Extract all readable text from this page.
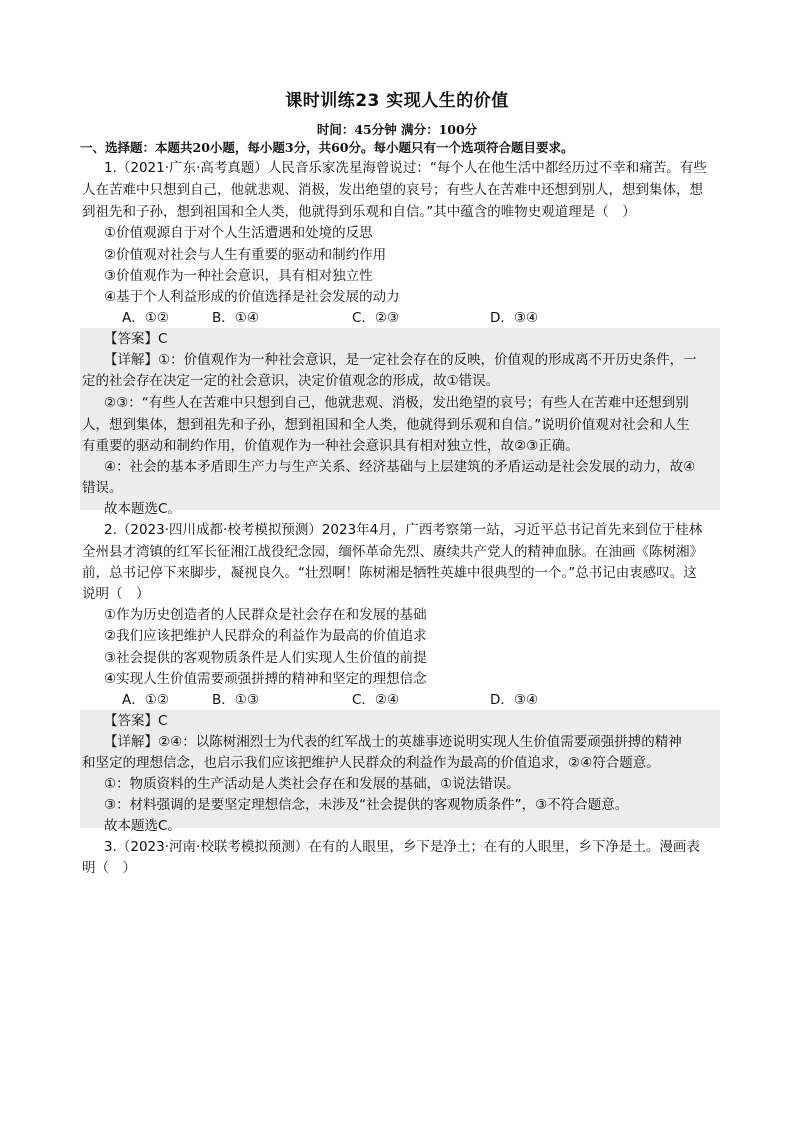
课时训练23 实现人生的价值
时间：45分钟 满分：100分
一、选择题：本题共20小题，每小题3分，共60分。每小题只有一个选项符合题目要求。
1.（2021·广东·高考真题）人民音乐家冼星海曾说过：“每个人在他生活中都经历过不幸和痛苦。有些
人在苦难中只想到自己，他就悲观、消极，发出绝望的哀号；有些人在苦难中还想到别人，想到集体，想
到祖先和子孙，想到祖国和全人类，他就得到乐观和自信。”其中蕴含的唯物史观道理是（　）
①价值观源自于对个人生活遭遇和处境的反思
②价值观对社会与人生有重要的驱动和制约作用
③价值观作为一种社会意识，具有相对独立性
④基于个人利益形成的价值选择是社会发展的动力
A．①②	B．①④	C．②③	D．③④
【答案】C
【详解】①：价值观作为一种社会意识，是一定社会存在的反映，价值观的形成离不开历史条件，一
定的社会存在决定一定的社会意识，决定价值观念的形成，故①错误。
②③：“有些人在苦难中只想到自己，他就悲观、消极，发出绝望的哀号；有些人在苦难中还想到别
人，想到集体，想到祖先和子孙，想到祖国和全人类，他就得到乐观和自信。”说明价值观对社会和人生
有重要的驱动和制约作用，价值观作为一种社会意识具有相对独立性，故②③正确。
④：社会的基本矛盾即生产力与生产关系、经济基础与上层建筑的矛盾运动是社会发展的动力，故④
错误。
故本题选C。
2.（2023·四川成都·校考模拟预测）2023年4月，广西考察第一站，习近平总书记首先来到位于桂林
全州县才湾镇的红军长征湘江战役纪念园，缅怀革命先烈、赓续共产党人的精神血脉。在油画《陈树湘》
前，总书记停下来脚步，凝视良久。“壮烈啊！陈树湘是牺牲英雄中很典型的一个。”总书记由衷感叹。这
说明（　）
①作为历史创造者的人民群众是社会存在和发展的基础
②我们应该把维护人民群众的利益作为最高的价值追求
③社会提供的客观物质条件是人们实现人生价值的前提
④实现人生价值需要顽强拼搏的精神和坚定的理想信念
A．①②	B．①③	C．②④	D．③④
【答案】C
【详解】②④：以陈树湘烈士为代表的红军战士的英雄事迹说明实现人生价值需要顽强拼搏的精神
和坚定的理想信念，也启示我们应该把维护人民群众的利益作为最高的价值追求，②④符合题意。
①：物质资料的生产活动是人类社会存在和发展的基础，①说法错误。
③：材料强调的是要坚定理想信念，未涉及“社会提供的客观物质条件”，③不符合题意。
故本题选C。
3.（2023·河南·校联考模拟预测）在有的人眼里，乡下是净土；在有的人眼里，乡下净是土。漫画表
明（　）
